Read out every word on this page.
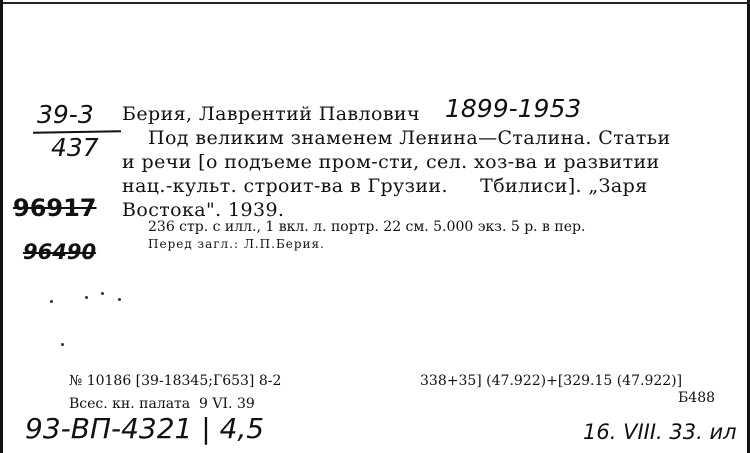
39-3
437
96917
96490
Берия, Лаврентий Павлович 1899-1953
Под великим знаменем Ленина—Сталина. Статьи
и речи [о подъеме пром-сти, сел. хоз-ва и развитии
нац.-культ. строит-ва в Грузии.     Тбилиси]. „Заря
Востока". 1939.
236 стр. с илл., 1 вкл. л. портр. 22 см. 5.000 экз. 5 р. в пер.
Перед загл.: Л.П.Берия.
№ 10186 [39-18345;Г653] 8-2	338+35] (47.922)+[329.15 (47.922)]
Всес. кн. палата  9 VI. 39	Б488
93-ВП-4321 | 4,5	16. VIII. 33. ил
